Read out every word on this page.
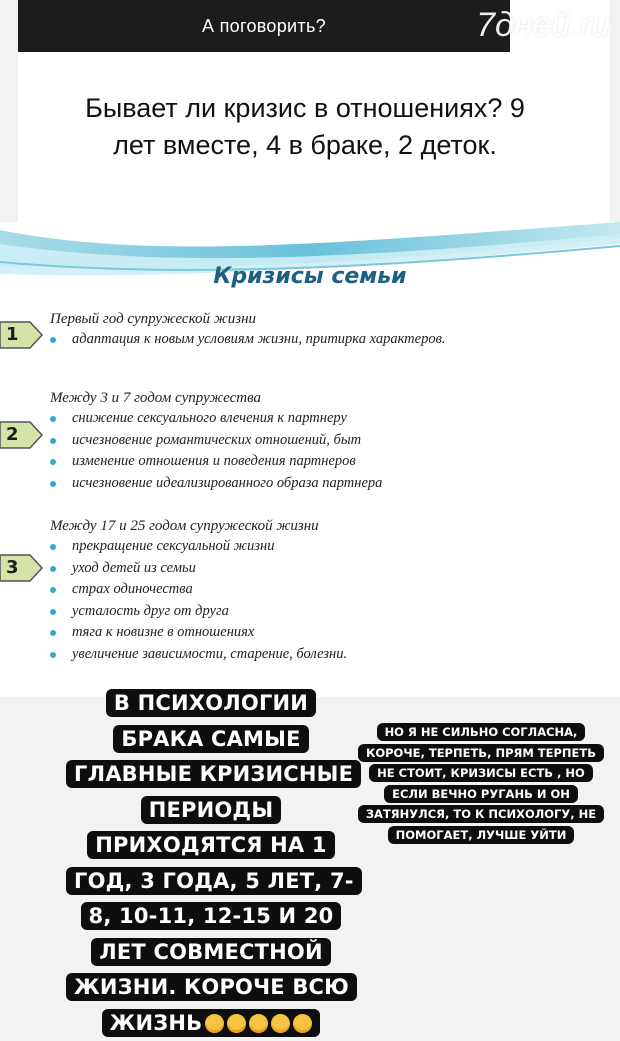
А поговорить?	7дней.ru
Бывает ли кризис в отношениях? 9 лет вместе, 4 в браке, 2 деток.
Кризисы семьи
Первый год супружеской жизни
адаптация к новым условиям жизни, притирка характеров.
1
Между 3 и 7 годом супружества
снижение сексуального влечения к партнеру
исчезновение романтических отношений, быт
изменение отношения и поведения партнеров
исчезновение идеализированного образа партнера
2
Между 17 и 25 годом супружеской жизни
прекращение сексуальной жизни
уход детей из семьи
страх одиночества
усталость друг от друга
тяга к новизне в отношениях
увеличение зависимости, старение, болезни.
3
В ПСИХОЛОГИИ БРАКА САМЫЕ ГЛАВНЫЕ КРИЗИСНЫЕ ПЕРИОДЫ ПРИХОДЯТСЯ НА 1 ГОД, 3 ГОДА, 5 ЛЕТ, 7-8, 10-11, 12-15 И 20 ЛЕТ СОВМЕСТНОЙ ЖИЗНИ. КОРОЧЕ ВСЮ ЖИЗНЬ
НО Я НЕ СИЛЬНО СОГЛАСНА, КОРОЧЕ, ТЕРПЕТЬ, ПРЯМ ТЕРПЕТЬ НЕ СТОИТ, КРИЗИСЫ ЕСТЬ , НО ЕСЛИ ВЕЧНО РУГАНЬ И ОН ЗАТЯНУЛСЯ, ТО К ПСИХОЛОГУ, НЕ ПОМОГАЕТ, ЛУЧШЕ УЙТИ
